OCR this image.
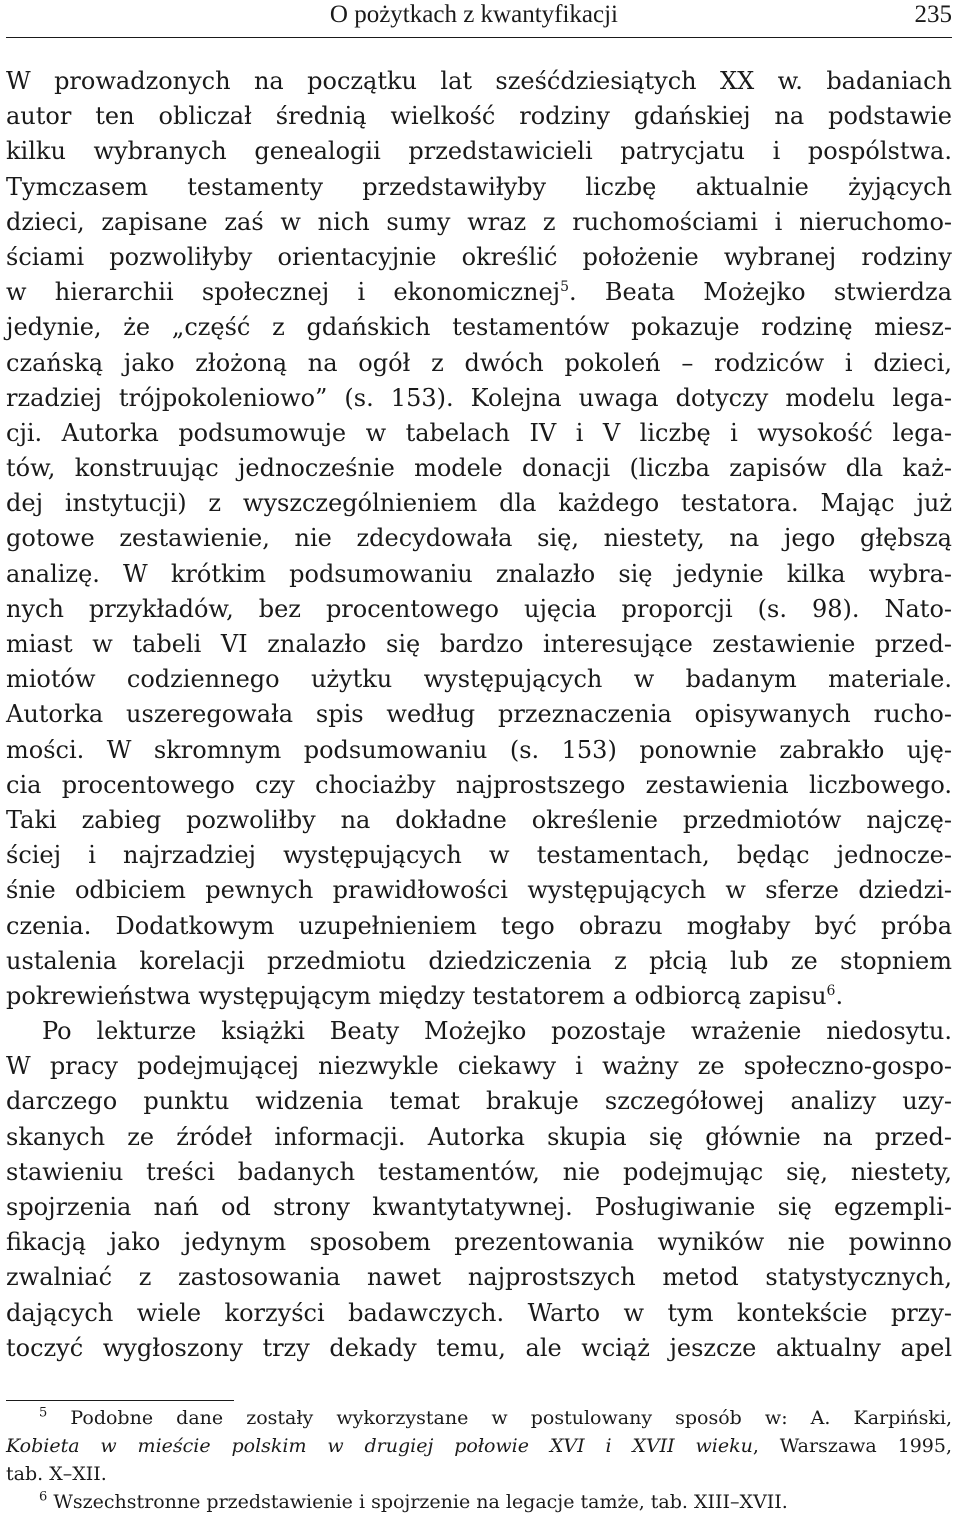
O pożytkach z kwantyfikacji	235
W prowadzonych na początku lat sześćdziesiątych XX w. badaniach
autor ten obliczał średnią wielkość rodziny gdańskiej na podstawie
kilku wybranych genealogii przedstawicieli patrycjatu i pospólstwa.
Tymczasem testamenty przedstawiłyby liczbę aktualnie żyjących
dzieci, zapisane zaś w nich sumy wraz z ruchomościami i nieruchomo-
ściami pozwoliłyby orientacyjnie określić położenie wybranej rodziny
w hierarchii społecznej i ekonomicznej$^5$. Beata Możejko stwierdza
jedynie, że „część z gdańskich testamentów pokazuje rodzinę miesz-
czańską jako złożoną na ogół z dwóch pokoleń – rodziców i dzieci,
rzadziej trójpokoleniowo” (s. 153). Kolejna uwaga dotyczy modelu lega-
cji. Autorka podsumowuje w tabelach IV i V liczbę i wysokość lega-
tów, konstruując jednocześnie modele donacji (liczba zapisów dla każ-
dej instytucji) z wyszczególnieniem dla każdego testatora. Mając już
gotowe zestawienie, nie zdecydowała się, niestety, na jego głębszą
analizę. W krótkim podsumowaniu znalazło się jedynie kilka wybra-
nych przykładów, bez procentowego ujęcia proporcji (s. 98). Nato-
miast w tabeli VI znalazło się bardzo interesujące zestawienie przed-
miotów codziennego użytku występujących w badanym materiale.
Autorka uszeregowała spis według przeznaczenia opisywanych rucho-
mości. W skromnym podsumowaniu (s. 153) ponownie zabrakło uję-
cia procentowego czy chociażby najprostszego zestawienia liczbowego.
Taki zabieg pozwoliłby na dokładne określenie przedmiotów najczę-
ściej i najrzadziej występujących w testamentach, będąc jednocze-
śnie odbiciem pewnych prawidłowości występujących w sferze dziedzi-
czenia. Dodatkowym uzupełnieniem tego obrazu mogłaby być próba
ustalenia korelacji przedmiotu dziedziczenia z płcią lub ze stopniem
pokrewieństwa występującym między testatorem a odbiorcą zapisu$^6$.
Po lekturze książki Beaty Możejko pozostaje wrażenie niedosytu.
W pracy podejmującej niezwykle ciekawy i ważny ze społeczno-gospo-
darczego punktu widzenia temat brakuje szczegółowej analizy uzy-
skanych ze źródeł informacji. Autorka skupia się głównie na przed-
stawieniu treści badanych testamentów, nie podejmując się, niestety,
spojrzenia nań od strony kwantytatywnej. Posługiwanie się egzempli-
fikacją jako jedynym sposobem prezentowania wyników nie powinno
zwalniać z zastosowania nawet najprostszych metod statystycznych,
dających wiele korzyści badawczych. Warto w tym kontekście przy-
toczyć wygłoszony trzy dekady temu, ale wciąż jeszcze aktualny apel
$^5$ Podobne dane zostały wykorzystane w postulowany sposób w: A. Karpiński,
Kobieta w mieście polskim w drugiej połowie XVI i XVII wieku, Warszawa 1995,
tab. X–XII.
$^6$ Wszechstronne przedstawienie i spojrzenie na legacje tamże, tab. XIII–XVII.
